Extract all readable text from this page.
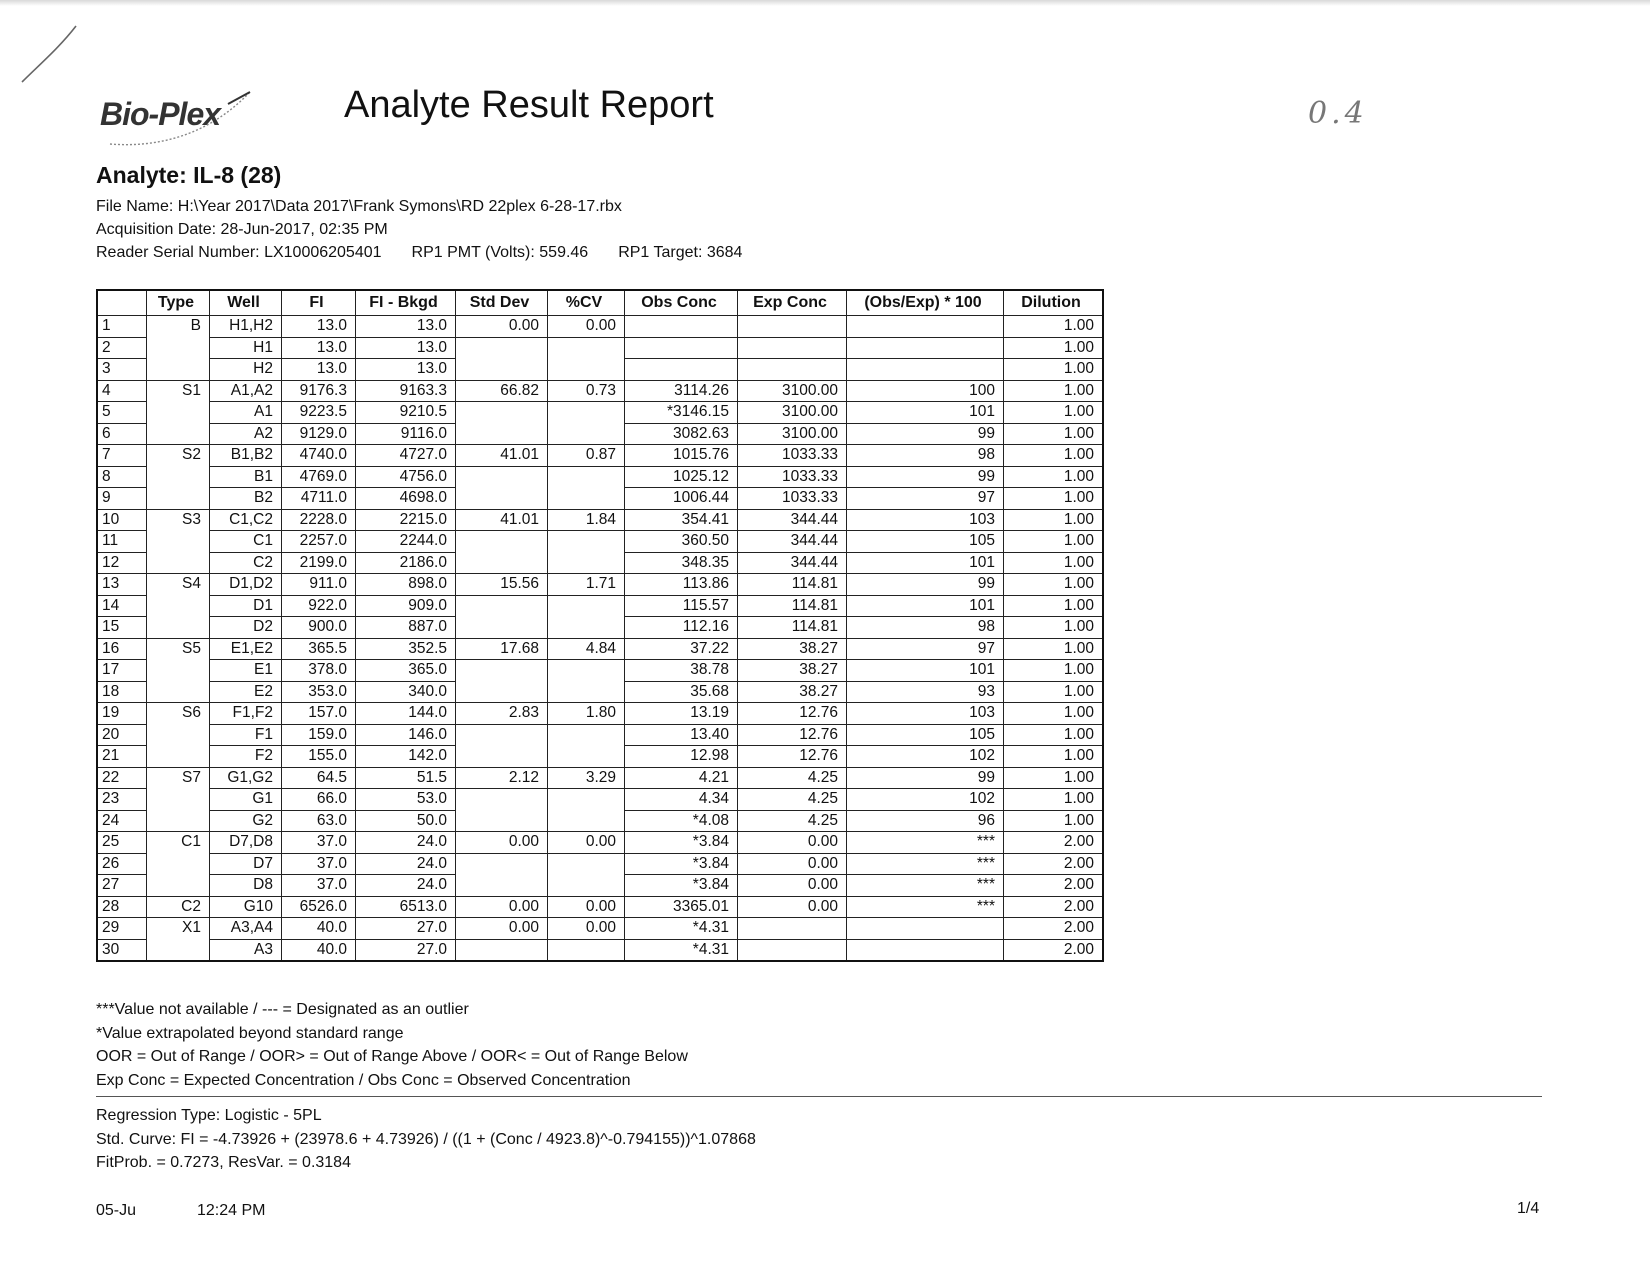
0.4
Bio-Plex	Analyte Result Report
Analyte: IL-8 (28)
File Name: H:\Year 2017\Data 2017\Frank Symons\RD 22plex 6-28-17.rbx
Acquisition Date: 28-Jun-2017, 02:35 PM
Reader Serial Number: LX10006205401 RP1 PMT (Volts): 559.46 RP1 Target: 3684
	Type	Well	FI	FI - Bkgd	Std Dev	%CV	Obs Conc	Exp Conc	(Obs/Exp) * 100	Dilution
1	B	H1,H2	13.0	13.0	0.00	0.00				1.00
2		H1	13.0	13.0						1.00
3		H2	13.0	13.0						1.00
4	S1	A1,A2	9176.3	9163.3	66.82	0.73	3114.26	3100.00	100	1.00
5		A1	9223.5	9210.5			*3146.15	3100.00	101	1.00
6		A2	9129.0	9116.0			3082.63	3100.00	99	1.00
7	S2	B1,B2	4740.0	4727.0	41.01	0.87	1015.76	1033.33	98	1.00
8		B1	4769.0	4756.0			1025.12	1033.33	99	1.00
9		B2	4711.0	4698.0			1006.44	1033.33	97	1.00
10	S3	C1,C2	2228.0	2215.0	41.01	1.84	354.41	344.44	103	1.00
11		C1	2257.0	2244.0			360.50	344.44	105	1.00
12		C2	2199.0	2186.0			348.35	344.44	101	1.00
13	S4	D1,D2	911.0	898.0	15.56	1.71	113.86	114.81	99	1.00
14		D1	922.0	909.0			115.57	114.81	101	1.00
15		D2	900.0	887.0			112.16	114.81	98	1.00
16	S5	E1,E2	365.5	352.5	17.68	4.84	37.22	38.27	97	1.00
17		E1	378.0	365.0			38.78	38.27	101	1.00
18		E2	353.0	340.0			35.68	38.27	93	1.00
19	S6	F1,F2	157.0	144.0	2.83	1.80	13.19	12.76	103	1.00
20		F1	159.0	146.0			13.40	12.76	105	1.00
21		F2	155.0	142.0			12.98	12.76	102	1.00
22	S7	G1,G2	64.5	51.5	2.12	3.29	4.21	4.25	99	1.00
23		G1	66.0	53.0			4.34	4.25	102	1.00
24		G2	63.0	50.0			*4.08	4.25	96	1.00
25	C1	D7,D8	37.0	24.0	0.00	0.00	*3.84	0.00	***	2.00
26		D7	37.0	24.0			*3.84	0.00	***	2.00
27		D8	37.0	24.0			*3.84	0.00	***	2.00
28	C2	G10	6526.0	6513.0	0.00	0.00	3365.01	0.00	***	2.00
29	X1	A3,A4	40.0	27.0	0.00	0.00	*4.31			2.00
30		A3	40.0	27.0			*4.31			2.00
***Value not available / --- = Designated as an outlier
*Value extrapolated beyond standard range
OOR = Out of Range / OOR> = Out of Range Above / OOR< = Out of Range Below
Exp Conc = Expected Concentration / Obs Conc = Observed Concentration
Regression Type: Logistic - 5PL
Std. Curve: FI = -4.73926 + (23978.6 + 4.73926) / ((1 + (Conc / 4923.8)^-0.794155))^1.07868
FitProb. = 0.7273, ResVar. = 0.3184
05-Ju	12:24 PM	1/4
